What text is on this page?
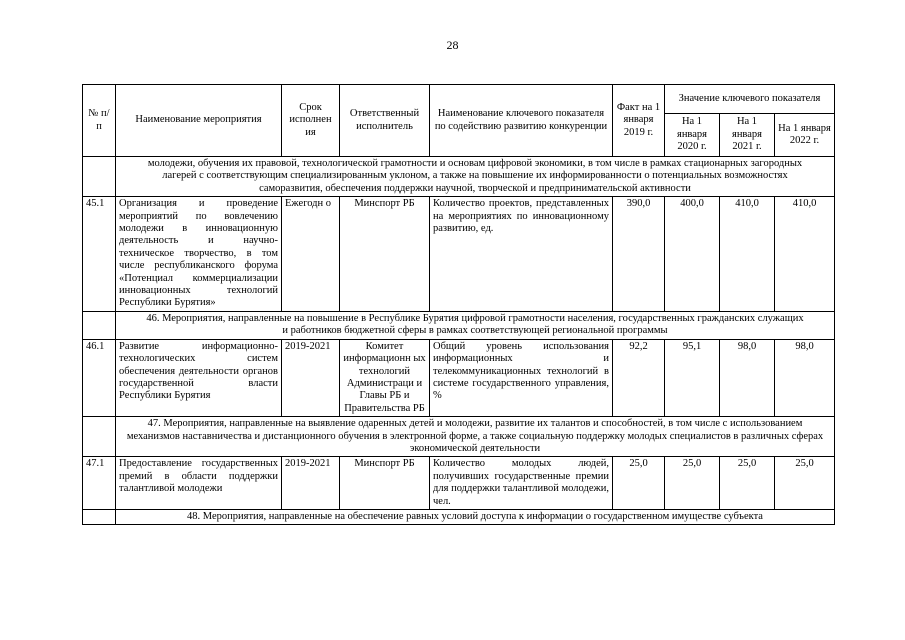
28
№ п/п	Наименование мероприятия	Срок исполнен ия	Ответственный исполнитель	Наименование ключевого показателя по содействию развитию конкуренции	Факт на 1 января 2019 г.	Значение ключевого показателя		
						На 1 января 2020 г.	На 1 января 2021 г.	На 1 января 2022 г.
	молодежи, обучения их правовой, технологической грамотности и основам цифровой экономики, в том числе в рамках стационарных загородных лагерей с соответствующим специализированным уклоном, а также на повышение их информированности о потенциальных возможностях саморазвития, обеспечения поддержки научной, творческой и предпринимательской активности							
45.1	Организация и проведение мероприятий по вовлечению молодежи в инновационную деятельность и научно-техническое творчество, в том числе республиканского форума «Потенциал коммерциализации инновационных технологий Республики Бурятия»	Ежегодн о	Минспорт РБ	Количество проектов, представленных на мероприятиях по инновационному развитию, ед.	390,0	400,0	410,0	410,0
	46. Мероприятия, направленные на повышение в Республике Бурятия цифровой грамотности населения, государственных гражданских служащих и работников бюджетной сферы в рамках соответствующей региональной программы							
46.1	Развитие информационно-технологических систем обеспечения деятельности органов государственной власти Республики Бурятия	2019-2021	Комитет информационн ых технологий Администраци и Главы РБ и Правительства РБ	Общий уровень использования информационных и телекоммуникационных технологий в системе государственного управления, %	92,2	95,1	98,0	98,0
	47. Мероприятия, направленные на выявление одаренных детей и молодежи, развитие их талантов и способностей, в том числе с использованием механизмов наставничества и дистанционного обучения в электронной форме, а также социальную поддержку молодых специалистов в различных сферах экономической деятельности							
47.1	Предоставление государственных премий в области поддержки талантливой молодежи	2019-2021	Минспорт РБ	Количество молодых людей, получивших государственные премии для поддержки талантливой молодежи, чел.	25,0	25,0	25,0	25,0
	48. Мероприятия, направленные на обеспечение равных условий доступа к информации о государственном имуществе субъекта							
